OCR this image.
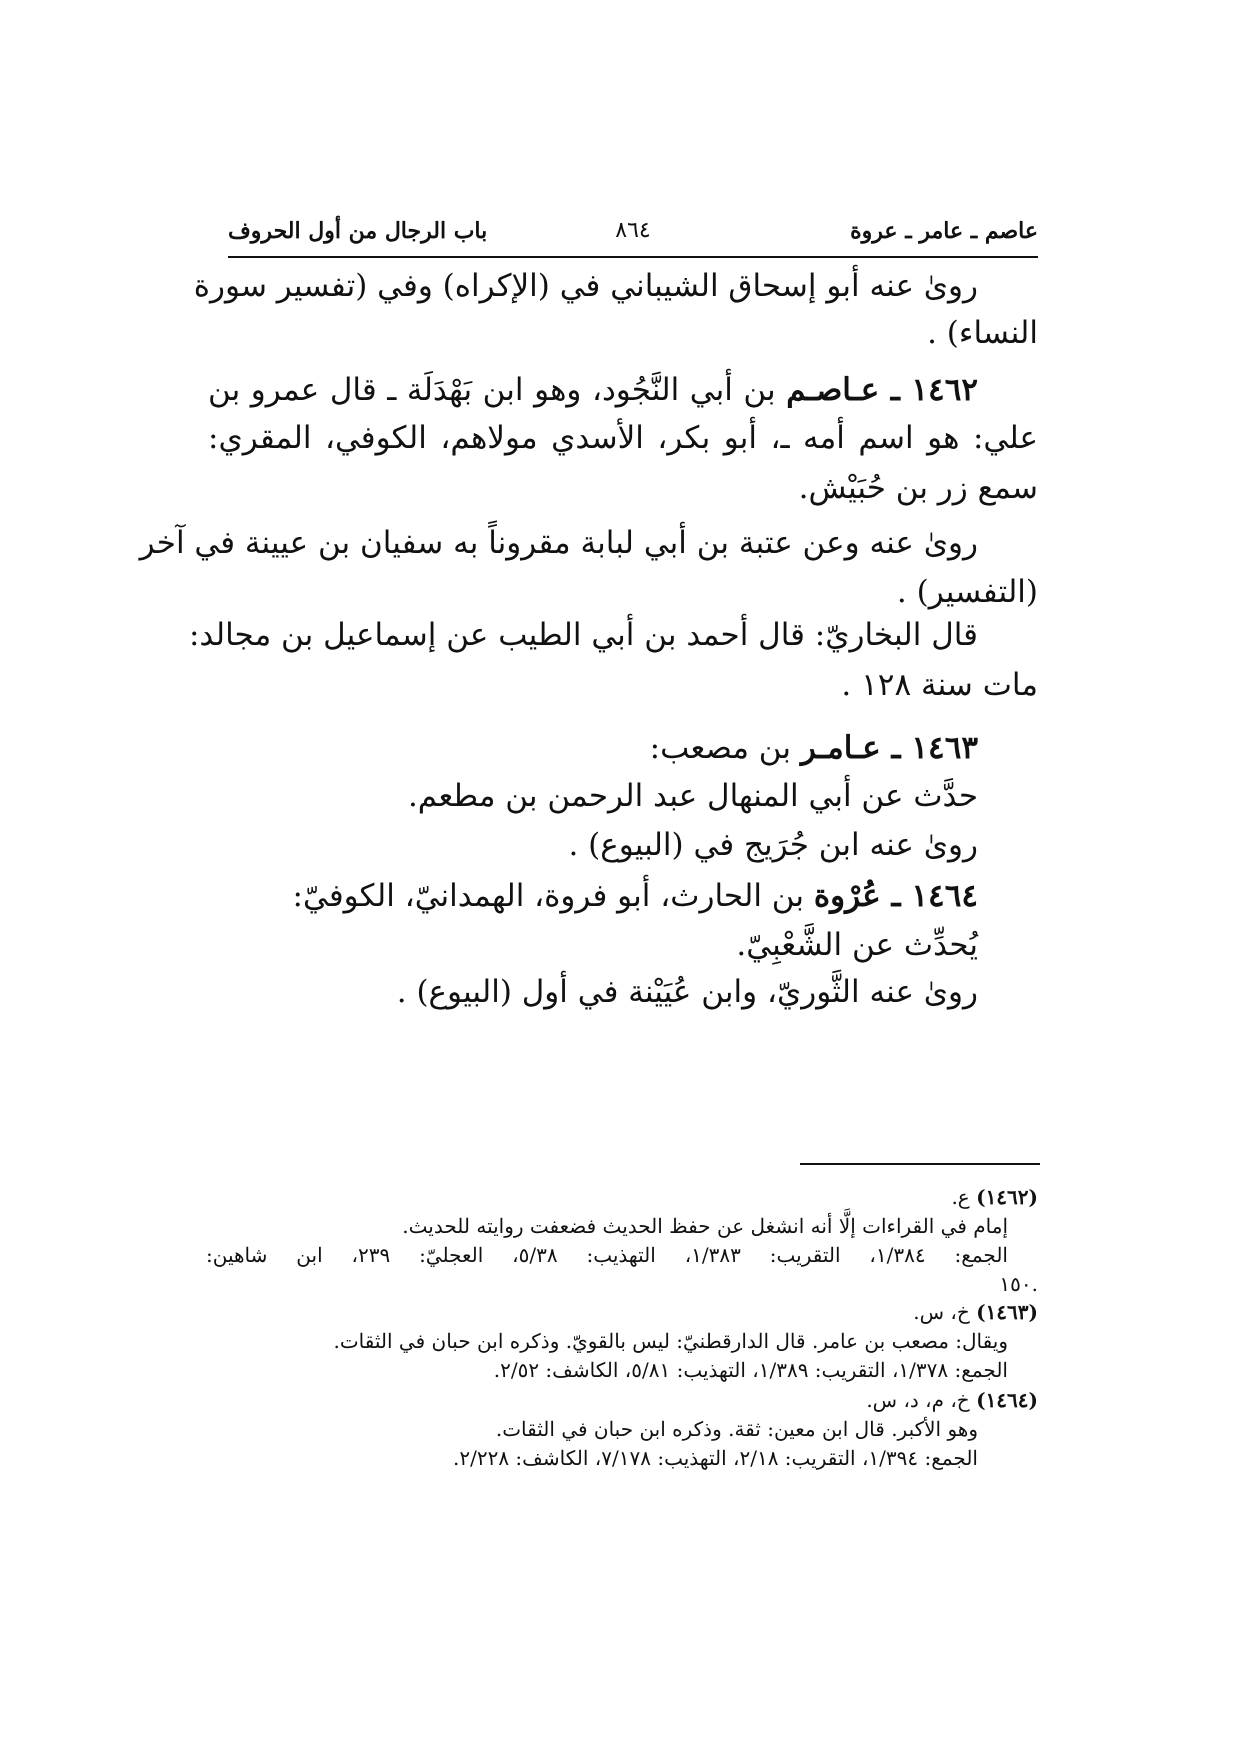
عاصم ـ عامر ـ عروة
٨٦٤
باب الرجال من أول الحروف
رویٰ عنه أبو إسحاق الشيباني في (الإكراه) وفي (تفسير سورة
النساء) .
١٤٦٢ ـ عـاصـم بن أبي النَّجُود، وهو ابن بَهْدَلَة ـ قال عمرو بن
علي: هو اسم أمه ـ، أبو بكر، الأسدي مولاهم، الكوفي، المقري:
سمع زر بن حُبَيْش.
رویٰ عنه وعن عتبة بن أبي لبابة مقروناً به سفيان بن عيينة في آخر
(التفسير) .
قال البخاريّ: قال أحمد بن أبي الطيب عن إسماعيل بن مجالد:
مات سنة ١٢٨ .
١٤٦٣ ـ عـامـر بن مصعب:
حدَّث عن أبي المنهال عبد الرحمن بن مطعم.
رویٰ عنه ابن جُرَيج في (البيوع) .
١٤٦٤ ـ عُرْوة بن الحارث، أبو فروة، الهمدانيّ، الكوفيّ:
يُحدِّث عن الشَّعْبِيّ.
رویٰ عنه الثَّوريّ، وابن عُيَيْنة في أول (البيوع) .
(١٤٦٢) ع.
إمام في القراءات إلَّا أنه انشغل عن حفظ الحديث فضعفت روايته للحديث.
الجمع: ١/٣٨٤، التقريب: ١/٣٨٣، التهذيب: ٥/٣٨، العجليّ: ٢٣٩، ابن شاهين:
.١٥٠
(١٤٦٣) خ، س.
ويقال: مصعب بن عامر. قال الدارقطنيّ: ليس بالقويّ. وذكره ابن حبان في الثقات.
الجمع: ١/٣٧٨، التقريب: ١/٣٨٩، التهذيب: ٥/٨١، الكاشف: ٢/٥٢.
(١٤٦٤) خ، م، د، س.
وهو الأكبر. قال ابن معين: ثقة. وذكره ابن حبان في الثقات.
الجمع: ١/٣٩٤، التقريب: ٢/١٨، التهذيب: ٧/١٧٨، الكاشف: ٢/٢٢٨.
